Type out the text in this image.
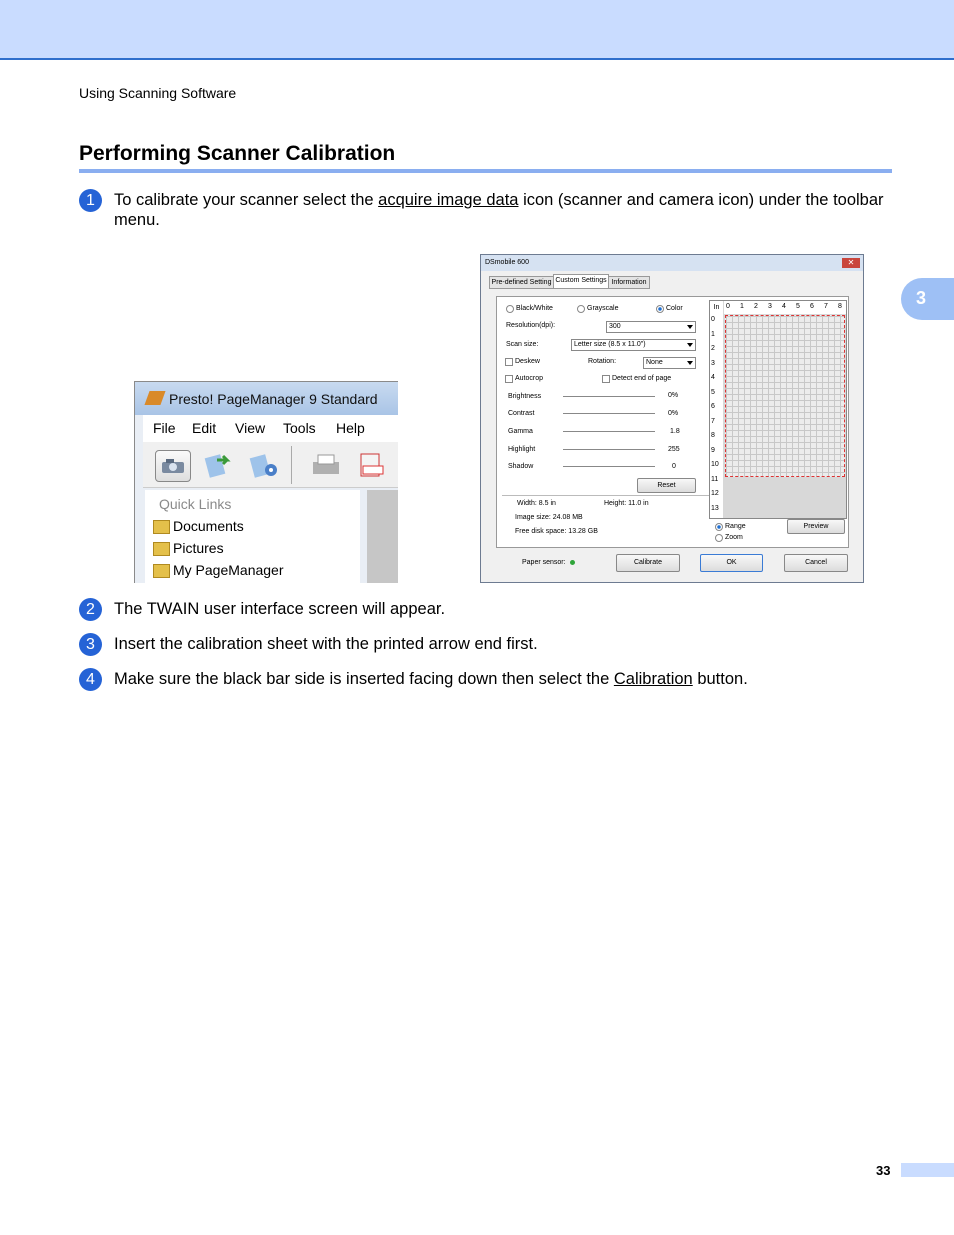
Using Scanning Software
Performing Scanner Calibration
1	To calibrate your scanner select the acquire image data icon (scanner and camera icon) under the toolbar menu.
Presto! PageManager 9 Standard
File Edit View Tools Help
Quick Links
Documents
Pictures
My PageManager
DSmobile 600	✕
Pre-defined Setting Custom Settings Information
Black/White	Grayscale	Color
Resolution(dpi):	300
Scan size:	Letter size (8.5 x 11.0")
Deskew	Rotation:	None
Autocrop	Detect end of page
Brightness	0%
Contrast	0%
Gamma	1.8
Highlight	255
Shadow	0
Reset
Width: 8.5 in	Height: 11.0 in
Image size: 24.08 MB
Free disk space: 13.28 GB
Range
Zoom
Preview
In 0 1 2 3 4 5 6 7 8
0
1
2
3
4
5
6
7
8
9
10
11
12
13
Paper sensor:	Calibrate	OK	Cancel
2	The TWAIN user interface screen will appear.
3	Insert the calibration sheet with the printed arrow end first.
4	Make sure the black bar side is inserted facing down then select the Calibration button.
3
33
